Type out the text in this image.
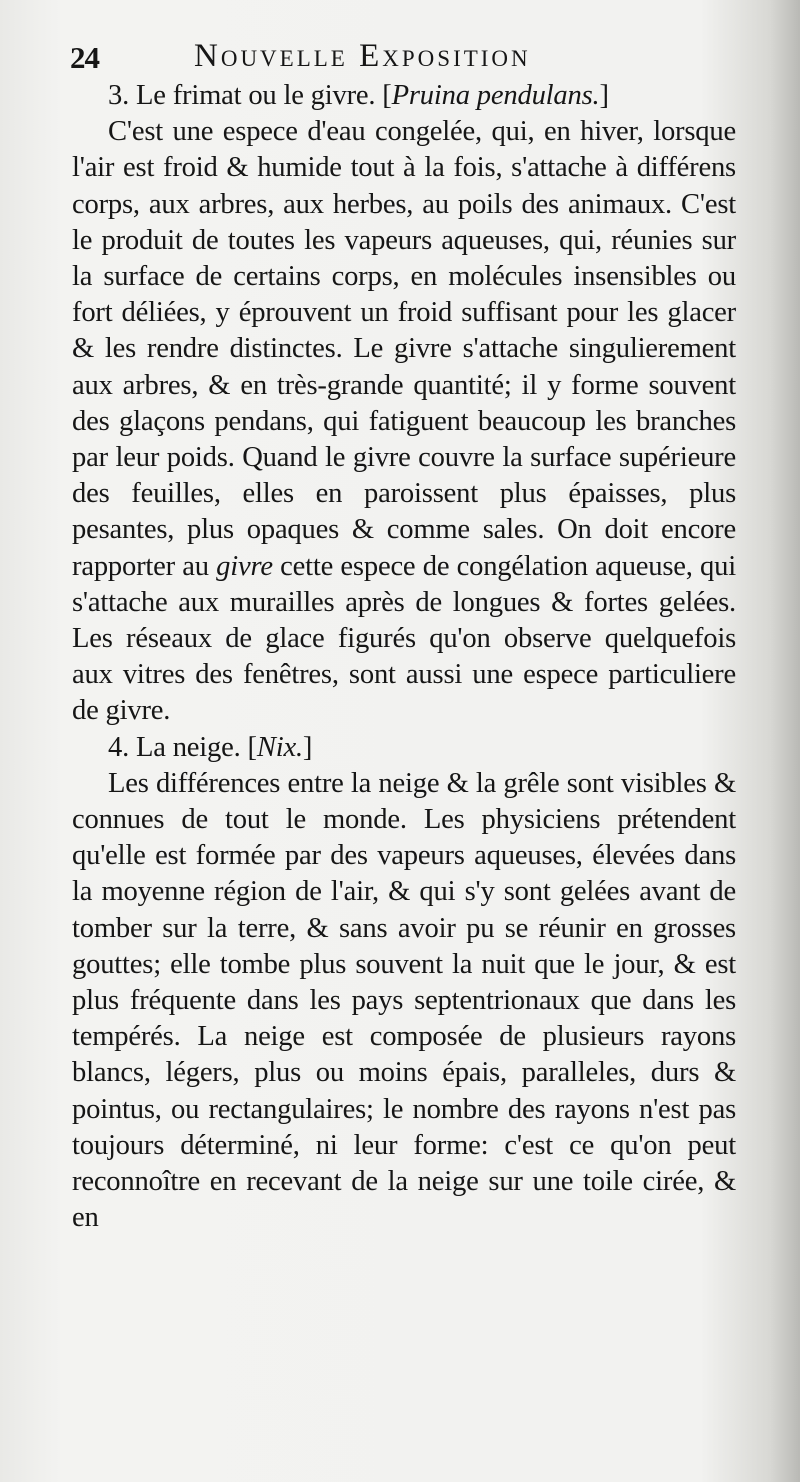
24	Nouvelle Exposition

3. Le frimat ou le givre. [Pruina pendulans.]

C'est une espece d'eau congelée, qui, en hiver, lorsque l'air est froid & humide tout à la fois, s'attache à différens corps, aux arbres, aux herbes, au poils des animaux. C'est le produit de toutes les vapeurs aqueuses, qui, réunies sur la surface de certains corps, en molécules insensibles ou fort déliées, y éprouvent un froid suffisant pour les glacer & les rendre distinctes. Le givre s'attache singulierement aux arbres, & en très-grande quantité; il y forme souvent des glaçons pendans, qui fatiguent beaucoup les branches par leur poids. Quand le givre couvre la surface supérieure des feuilles, elles en paroissent plus épaisses, plus pesantes, plus opaques & comme sales. On doit encore rapporter au givre cette espece de congélation aqueuse, qui s'attache aux murailles après de longues & fortes gelées. Les réseaux de glace figurés qu'on observe quelquefois aux vitres des fenêtres, sont aussi une espece particuliere de givre.

4. La neige. [Nix.]

Les différences entre la neige & la grêle sont visibles & connues de tout le monde. Les physiciens prétendent qu'elle est formée par des vapeurs aqueuses, élevées dans la moyenne région de l'air, & qui s'y sont gelées avant de tomber sur la terre, & sans avoir pu se réunir en grosses gouttes; elle tombe plus souvent la nuit que le jour, & est plus fréquente dans les pays septentrionaux que dans les tempérés. La neige est composée de plusieurs rayons blancs, légers, plus ou moins épais, paralleles, durs & pointus, ou rectangulaires; le nombre des rayons n'est pas toujours déterminé, ni leur forme: c'est ce qu'on peut reconnoître en recevant de la neige sur une toile cirée, & en
